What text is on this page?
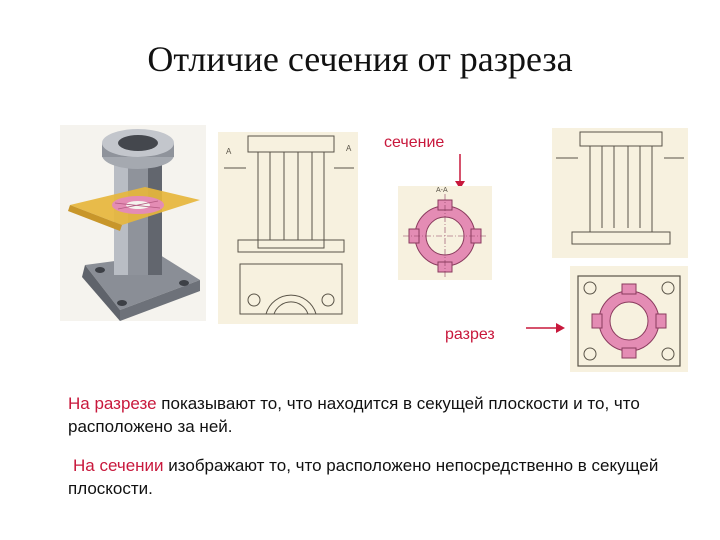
Отличие сечения от разреза
A	A сечение
A-A
разрез
На разрезе показывают то, что находится в секущей плоскости и то, что расположено за ней.
На сечении изображают то, что расположено непосредственно в секущей плоскости.
